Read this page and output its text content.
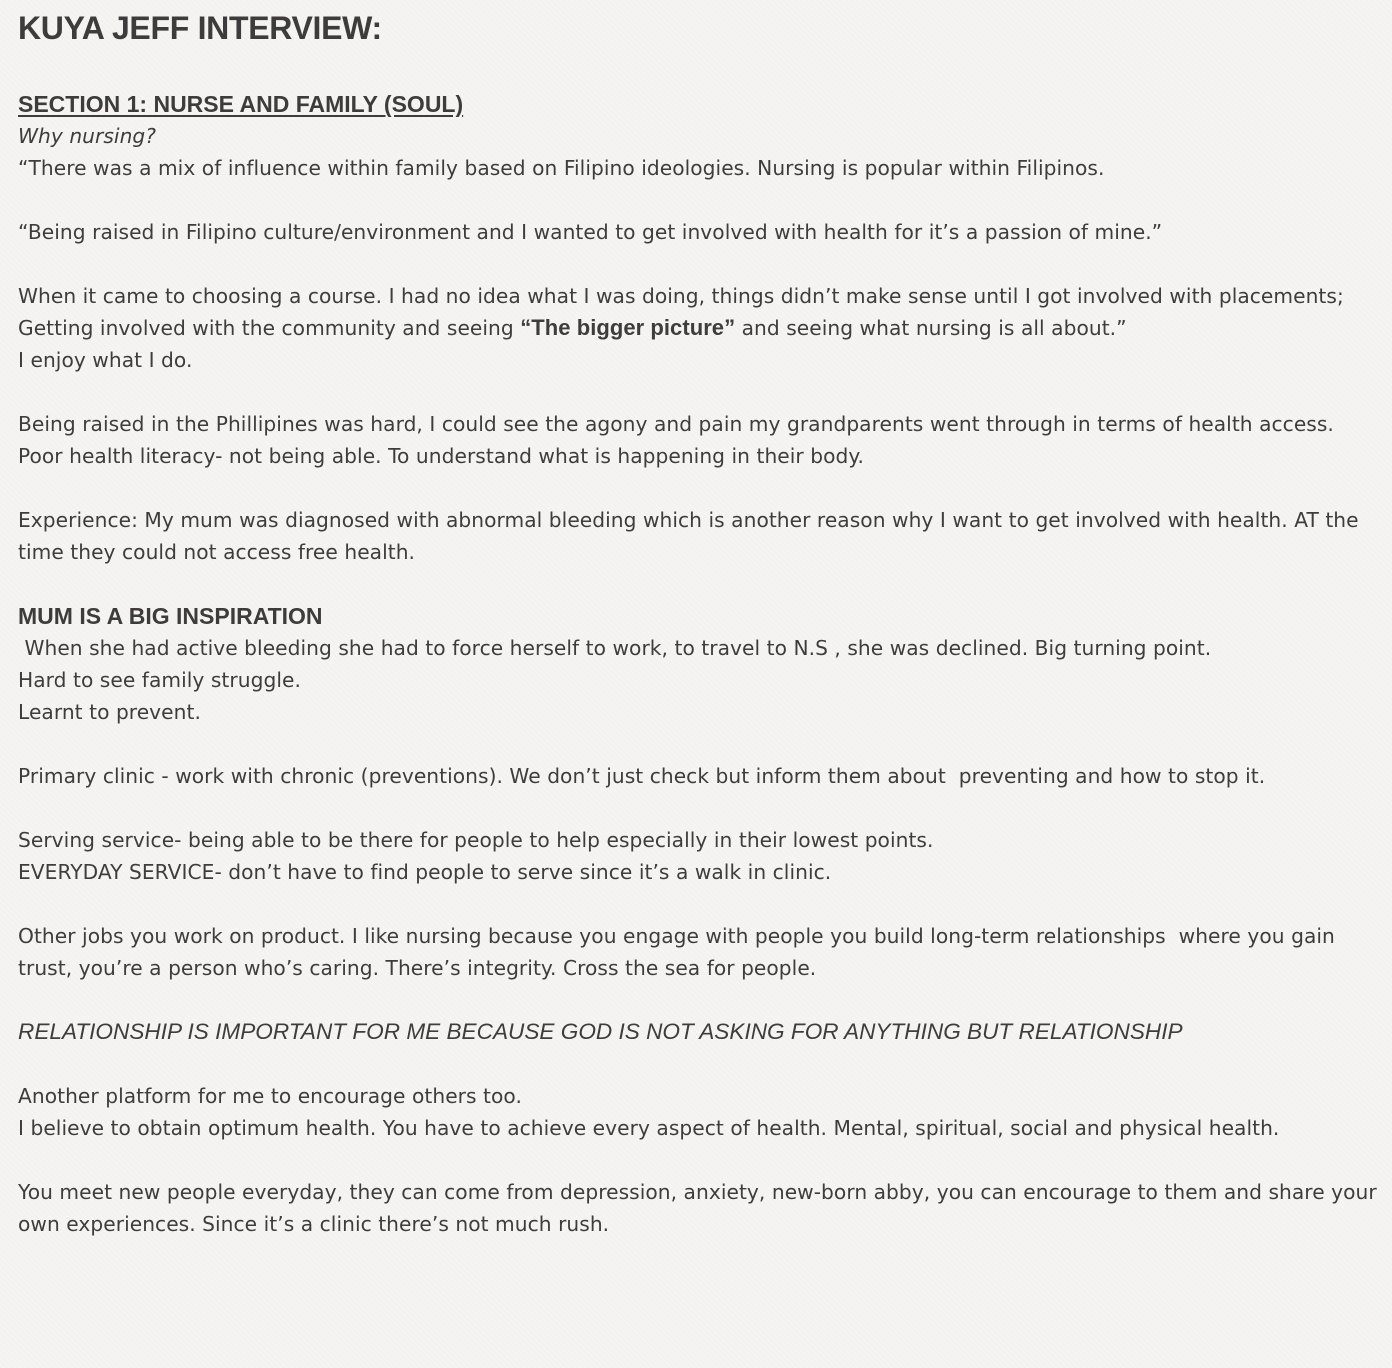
KUYA JEFF INTERVIEW:

SECTION 1: NURSE AND FAMILY (SOUL)

Why nursing?

“There was a mix of influence within family based on Filipino ideologies. Nursing is popular within Filipinos.

“Being raised in Filipino culture/environment and I wanted to get involved with health for it’s a passion of mine.”

When it came to choosing a course. I had no idea what I was doing, things didn’t make sense until I got involved with placements;  Getting involved with the community and seeing “The bigger picture” and seeing what nursing is all about.”

I enjoy what I do.

Being raised in the Phillipines was hard, I could see the agony and pain my grandparents went through in terms of health access.

Poor health literacy- not being able. To understand what is happening in their body.

Experience: My mum was diagnosed with abnormal bleeding which is another reason why I want to get involved with health. AT the time they could not access free health.

MUM IS A BIG INSPIRATION

When she had active bleeding she had to force herself to work, to travel to N.S , she was declined. Big turning point.

Hard to see family struggle.

Learnt to prevent.

Primary clinic - work with chronic (preventions). We don’t just check but inform them about  preventing and how to stop it.

Serving service- being able to be there for people to help especially in their lowest points.

EVERYDAY SERVICE- don’t have to find people to serve since it’s a walk in clinic.

Other jobs you work on product. I like nursing because you engage with people you build long-term relationships  where you gain trust, you’re a person who’s caring. There’s integrity. Cross the sea for people.

RELATIONSHIP IS IMPORTANT FOR ME BECAUSE GOD IS NOT ASKING FOR ANYTHING BUT RELATIONSHIP

Another platform for me to encourage others too.

I believe to obtain optimum health. You have to achieve every aspect of health. Mental, spiritual, social and physical health.

You meet new people everyday, they can come from depression, anxiety, new-born abby, you can encourage to them and share your own experiences. Since it’s a clinic there’s not much rush.
